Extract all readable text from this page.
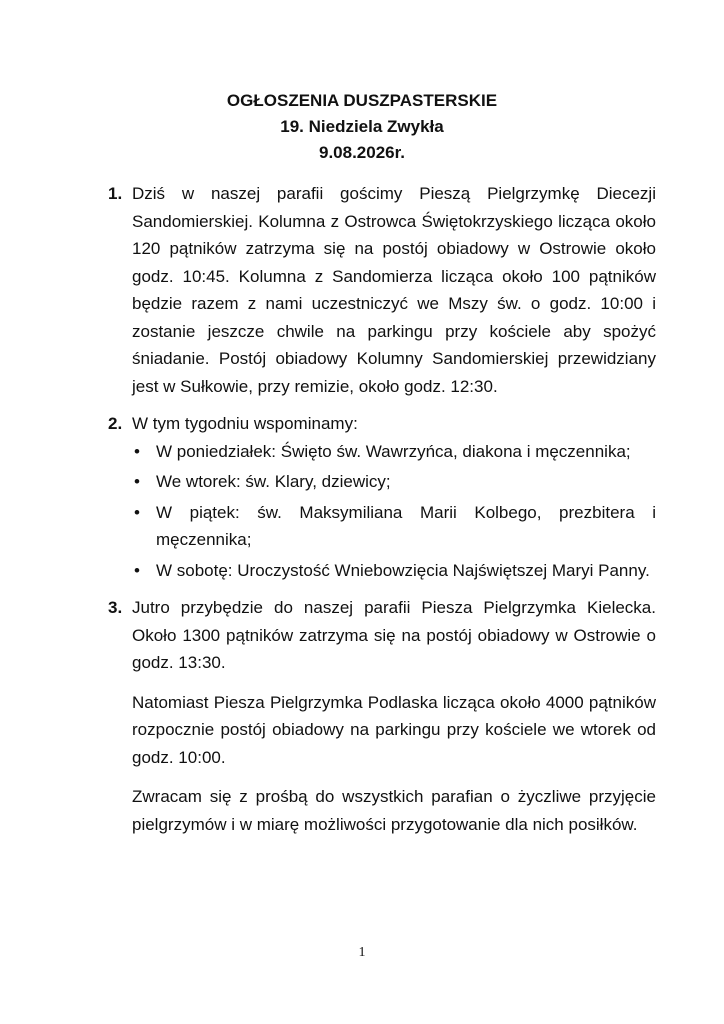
OGŁOSZENIA DUSZPASTERSKIE
19. Niedziela Zwykła
9.08.2026r.
1. Dziś w naszej parafii gościmy Pieszą Pielgrzymkę Diecezji Sandomierskiej. Kolumna z Ostrowca Świętokrzyskiego licząca około 120 pątników zatrzyma się na postój obiadowy w Ostrowie około godz. 10:45. Kolumna z Sandomierza licząca około 100 pątników będzie razem z nami uczestniczyć we Mszy św. o godz. 10:00 i zostanie jeszcze chwile na parkingu przy kościele aby spożyć śniadanie. Postój obiadowy Kolumny Sandomierskiej przewidziany jest w Sułkowie, przy remizie, około godz. 12:30.

2. W tym tygodniu wspominamy:

• W poniedziałek: Święto św. Wawrzyńca, diakona i męczennika;
• We wtorek: św. Klary, dziewicy;
• W piątek: św. Maksymiliana Marii Kolbego, prezbitera i męczennika;
• W sobotę: Uroczystość Wniebowzięcia Najświętszej Maryi Panny.
3. Jutro przybędzie do naszej parafii Piesza Pielgrzymka Kielecka. Około 1300 pątników zatrzyma się na postój obiadowy w Ostrowie o godz. 13:30.

Natomiast Piesza Pielgrzymka Podlaska licząca około 4000 pątników rozpocznie postój obiadowy na parkingu przy kościele we wtorek od godz. 10:00.

Zwracam się z prośbą do wszystkich parafian o życzliwe przyjęcie pielgrzymów i w miarę możliwości przygotowanie dla nich posiłków.

1
